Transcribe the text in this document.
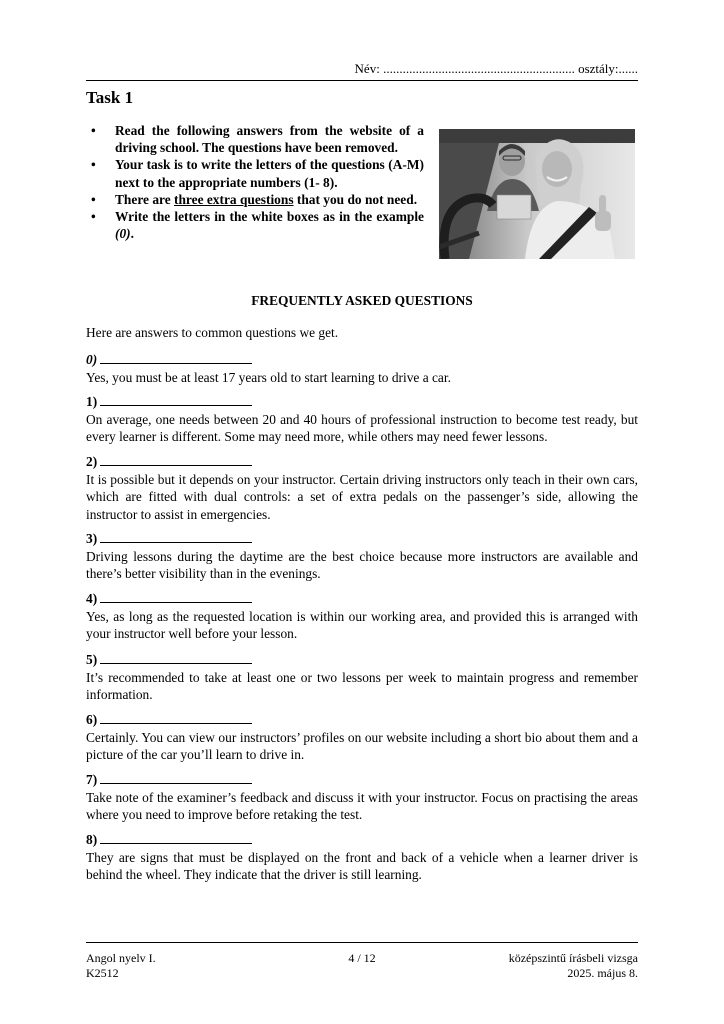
Név: ........................................................... osztály:......
Task 1
• Read the following answers from the website of a driving school. The questions have been removed.
• Your task is to write the letters of the questions (A-M) next to the appropriate numbers (1- 8).
• There are three extra questions that you do not need.
• Write the letters in the white boxes as in the example (0).
FREQUENTLY ASKED QUESTIONS
Here are answers to common questions we get.
0)
Yes, you must be at least 17 years old to start learning to drive a car.
1)
On average, one needs between 20 and 40 hours of professional instruction to become test ready, but every learner is different. Some may need more, while others may need fewer lessons.
2)
It is possible but it depends on your instructor. Certain driving instructors only teach in their own cars, which are fitted with dual controls: a set of extra pedals on the passenger’s side, allowing the instructor to assist in emergencies.
3)
Driving lessons during the daytime are the best choice because more instructors are available and there’s better visibility than in the evenings.
4)
Yes, as long as the requested location is within our working area, and provided this is arranged with your instructor well before your lesson.
5)
It’s recommended to take at least one or two lessons per week to maintain progress and remember information.
6)
Certainly. You can view our instructors’ profiles on our website including a short bio about them and a picture of the car you’ll learn to drive in.
7)
Take note of the examiner’s feedback and discuss it with your instructor. Focus on practising the areas where you need to improve before retaking the test.
8)
They are signs that must be displayed on the front and back of a vehicle when a learner driver is behind the wheel. They indicate that the driver is still learning.
Angol nyelv I.
K2512
4 / 12	középszintű írásbeli vizsga
2025. május 8.
